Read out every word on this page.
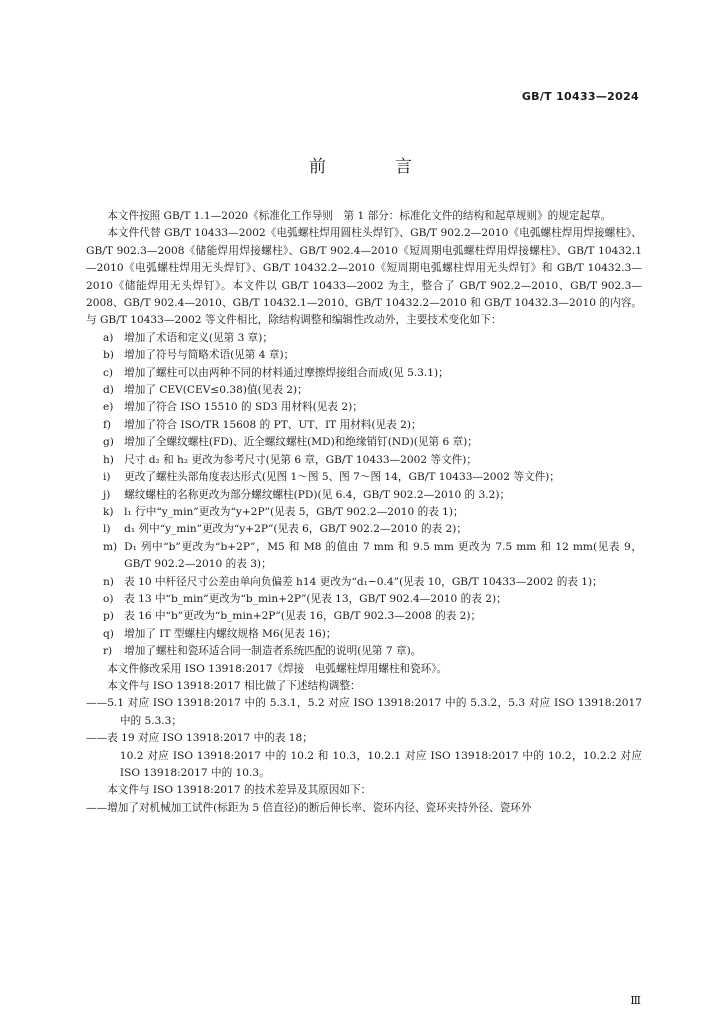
GB/T 10433—2024
前　言

本文件按照 GB/T 1.1—2020《标准化工作导则　第 1 部分：标准化文件的结构和起草规则》的规定起草。

本文件代替 GB/T 10433—2002《电弧螺柱焊用圆柱头焊钉》、GB/T 902.2—2010《电弧螺柱焊用焊接螺柱》、GB/T 902.3—2008《储能焊用焊接螺柱》、GB/T 902.4—2010《短周期电弧螺柱焊用焊接螺柱》、GB/T 10432.1—2010《电弧螺柱焊用无头焊钉》、GB/T 10432.2—2010《短周期电弧螺柱焊用无头焊钉》和 GB/T 10432.3—2010《储能焊用无头焊钉》。本文件以 GB/T 10433—2002 为主，整合了 GB/T 902.2—2010、GB/T 902.3—2008、GB/T 902.4—2010、GB/T 10432.1—2010、GB/T 10432.2—2010 和 GB/T 10432.3—2010 的内容。与 GB/T 10433—2002 等文件相比，除结构调整和编辑性改动外，主要技术变化如下：

a) 增加了术语和定义(见第 3 章)；
b) 增加了符号与简略术语(见第 4 章)；
c) 增加了螺柱可以由两种不同的材料通过摩擦焊接组合而成(见 5.3.1)；
d) 增加了 CEV(CEV≤0.38)值(见表 2)；
e) 增加了符合 ISO 15510 的 SD3 用材料(见表 2)；
f) 增加了符合 ISO/TR 15608 的 PT、UT、IT 用材料(见表 2)；
g) 增加了全螺纹螺柱(FD)、近全螺纹螺柱(MD)和绝缘销钉(ND)(见第 6 章)；
h) 尺寸 d₂ 和 h₂ 更改为参考尺寸(见第 6 章，GB/T 10433—2002 等文件)；
i) 更改了螺柱头部角度表达形式(见图 1～图 5、图 7～图 14，GB/T 10433—2002 等文件)；
j) 螺纹螺柱的名称更改为部分螺纹螺柱(PD)(见 6.4，GB/T 902.2—2010 的 3.2)；
k) l₁ 行中“y_min”更改为“y+2P”(见表 5，GB/T 902.2—2010 的表 1)；
l) d₁ 列中“y_min”更改为“y+2P”(见表 6，GB/T 902.2—2010 的表 2)；
m) D₁ 列中“b”更改为“b+2P”，M5 和 M8 的值由 7 mm 和 9.5 mm 更改为 7.5 mm 和 12 mm(见表 9，GB/T 902.2—2010 的表 3)；
n) 表 10 中杆径尺寸公差由单向负偏差 h14 更改为“d₁−0.4”(见表 10，GB/T 10433—2002 的表 1)；
o) 表 13 中“b_min”更改为“b_min+2P”(见表 13，GB/T 902.4—2010 的表 2)；
p) 表 16 中“b”更改为“b_min+2P”(见表 16，GB/T 902.3—2008 的表 2)；
q) 增加了 IT 型螺柱内螺纹规格 M6(见表 16)；
r) 增加了螺柱和瓷环适合同一制造者系统匹配的说明(见第 7 章)。

本文件修改采用 ISO 13918:2017《焊接　电弧螺柱焊用螺柱和瓷环》。

本文件与 ISO 13918:2017 相比做了下述结构调整：

——5.1 对应 ISO 13918:2017 中的 5.3.1，5.2 对应 ISO 13918:2017 中的 5.3.2，5.3 对应 ISO 13918:2017 中的 5.3.3；

——表 19 对应 ISO 13918:2017 中的表 18；

10.2 对应 ISO 13918:2017 中的 10.2 和 10.3，10.2.1 对应 ISO 13918:2017 中的 10.2，10.2.2 对应 ISO 13918:2017 中的 10.3。

本文件与 ISO 13918:2017 的技术差异及其原因如下：

——增加了对机械加工试件(标距为 5 倍直径)的断后伸长率、瓷环内径、瓷环夹持外径、瓷环外

Ⅲ
